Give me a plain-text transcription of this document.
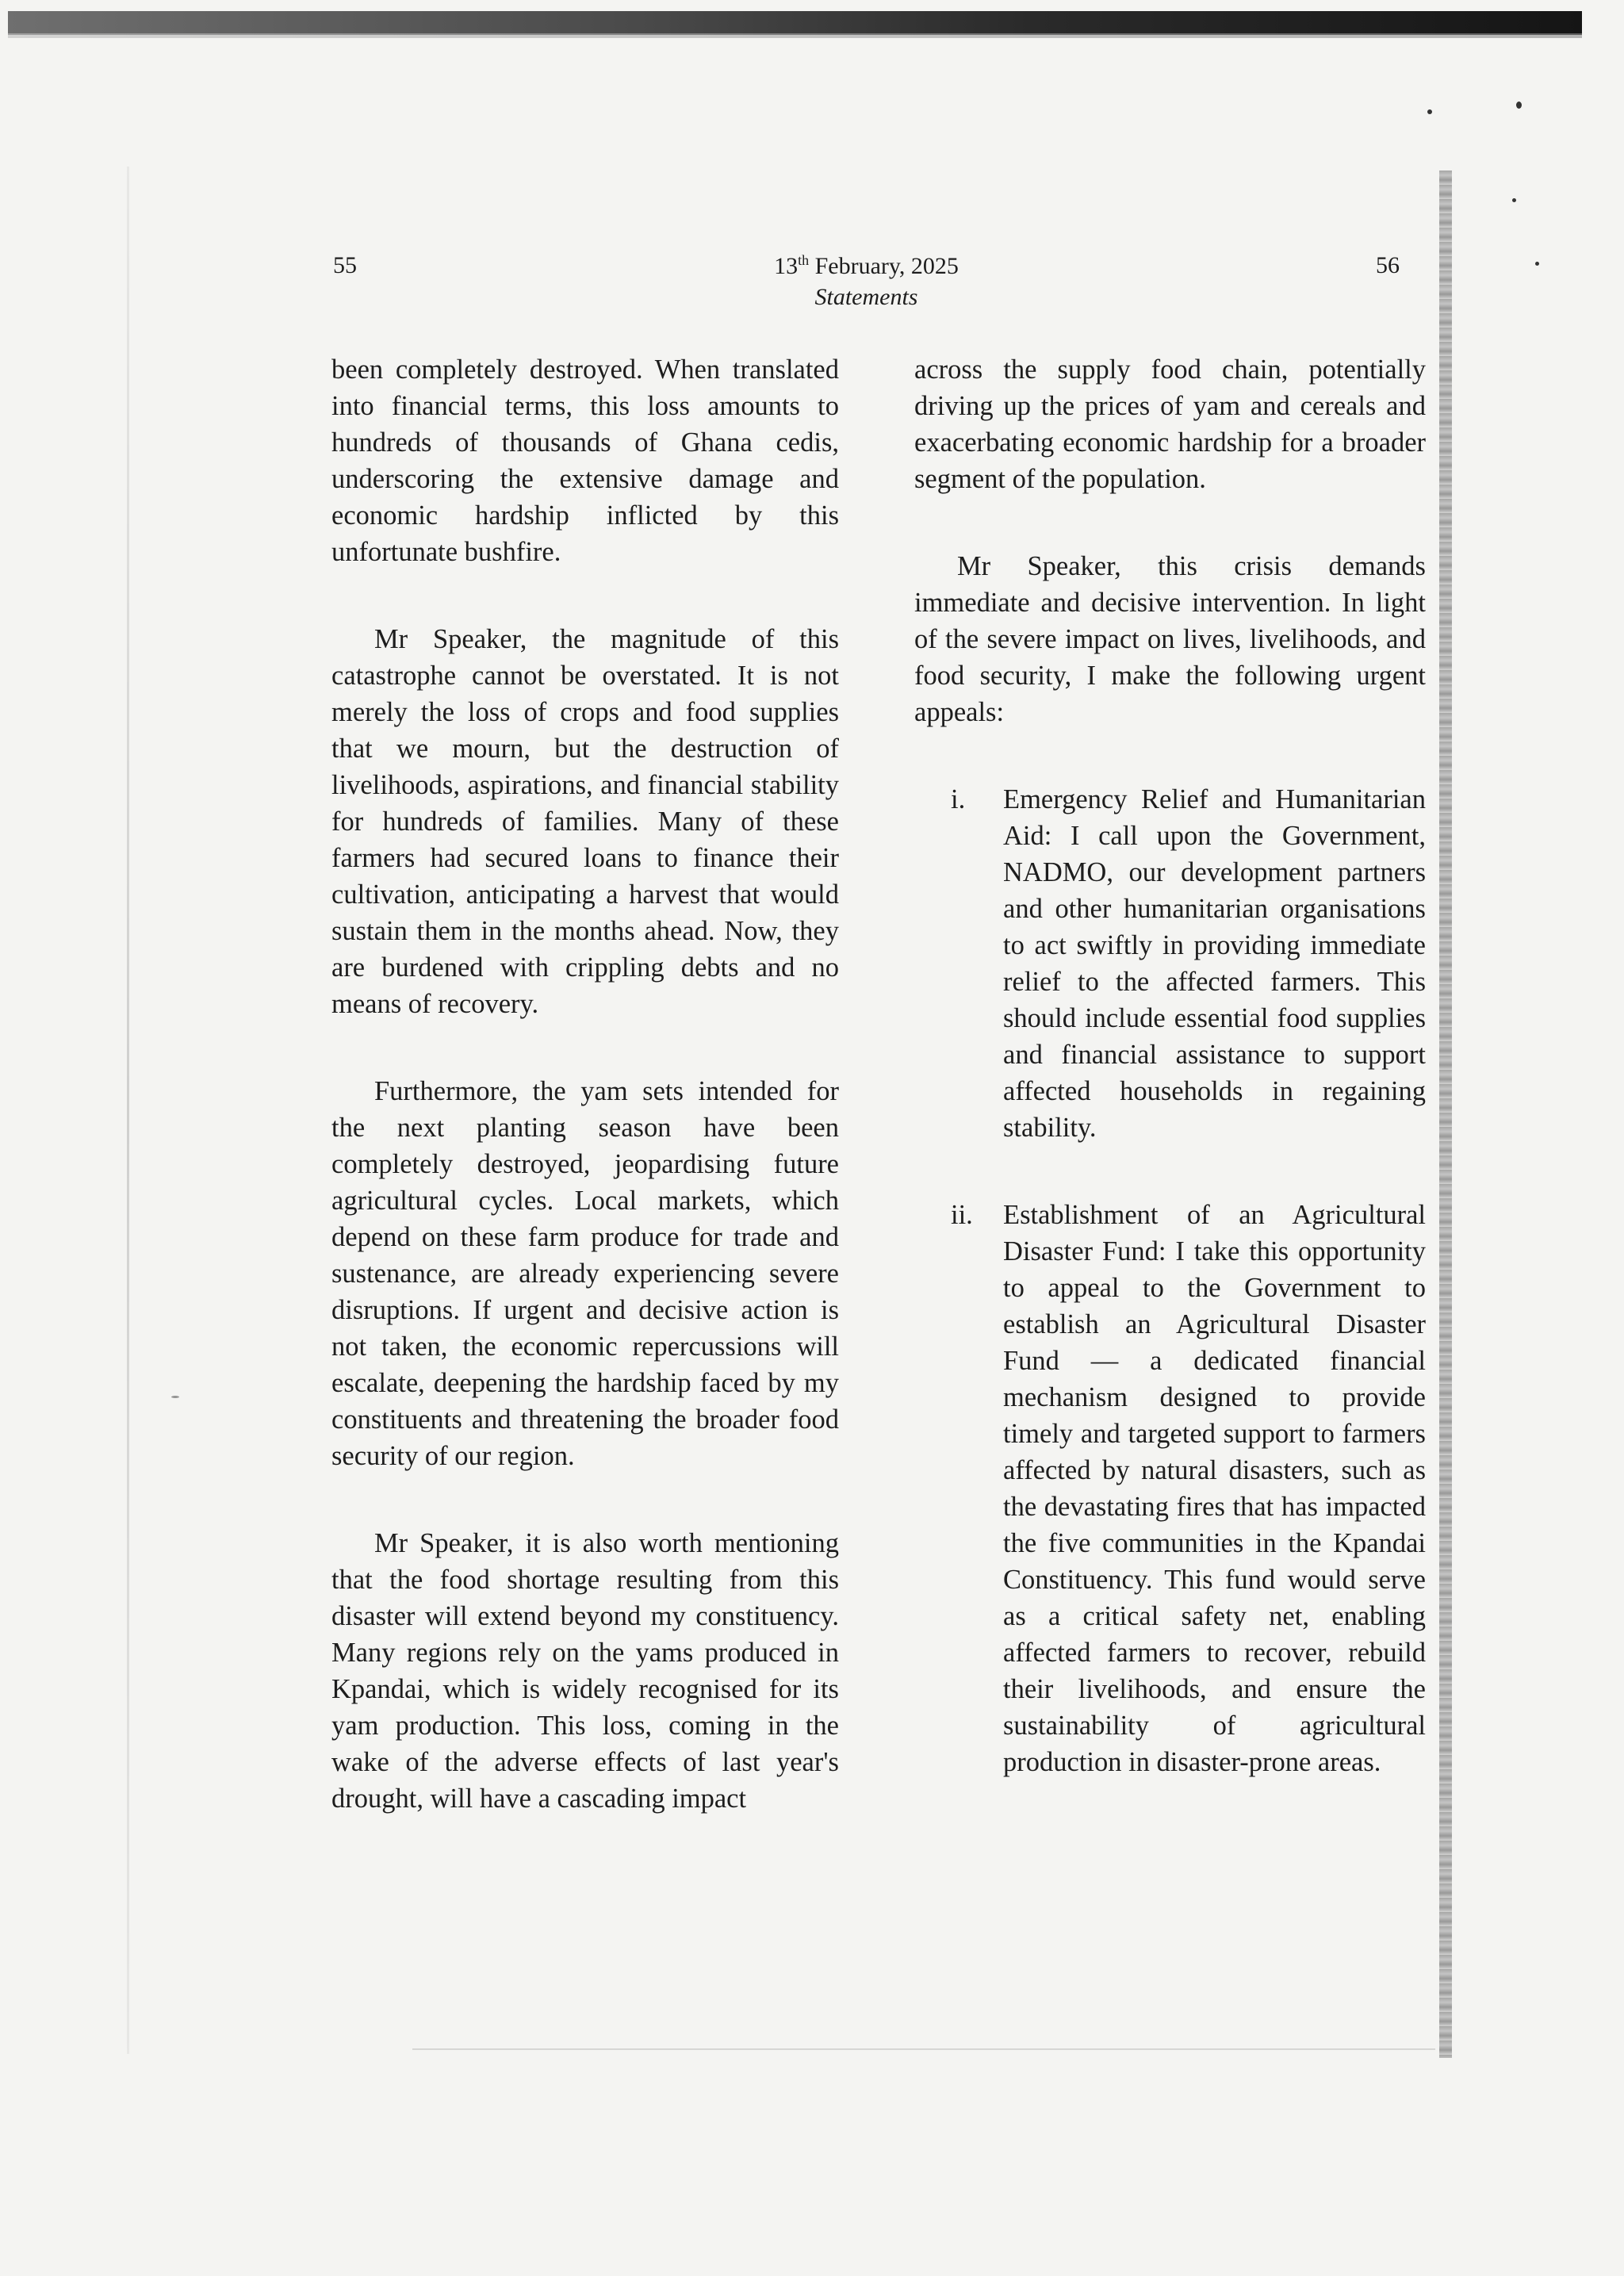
55	13th February, 2025
Statements
56

been completely destroyed. When translated into financial terms, this loss amounts to hundreds of thousands of Ghana cedis, underscoring the extensive damage and economic hardship inflicted by this unfortunate bushfire.

Mr Speaker, the magnitude of this catastrophe cannot be overstated. It is not merely the loss of crops and food supplies that we mourn, but the destruction of livelihoods, aspirations, and financial stability for hundreds of families. Many of these farmers had secured loans to finance their cultivation, anticipating a harvest that would sustain them in the months ahead. Now, they are burdened with crippling debts and no means of recovery.

Furthermore, the yam sets intended for the next planting season have been completely destroyed, jeopardising future agricultural cycles. Local markets, which depend on these farm produce for trade and sustenance, are already experiencing severe disruptions. If urgent and decisive action is not taken, the economic repercussions will escalate, deepening the hardship faced by my constituents and threatening the broader food security of our region.

Mr Speaker, it is also worth mentioning that the food shortage resulting from this disaster will extend beyond my constituency. Many regions rely on the yams produced in Kpandai, which is widely recognised for its yam production. This loss, coming in the wake of the adverse effects of last year's drought, will have a cascading impact

across the supply food chain, potentially driving up the prices of yam and cereals and exacerbating economic hardship for a broader segment of the population.

Mr Speaker, this crisis demands immediate and decisive intervention. In light of the severe impact on lives, livelihoods, and food security, I make the following urgent appeals:

i.	Emergency Relief and Humanitarian Aid: I call upon the Government, NADMO, our development partners and other humanitarian organisations to act swiftly in providing immediate relief to the affected farmers. This should include essential food supplies and financial assistance to support affected households in regaining stability.
ii.	Establishment of an Agricultural Disaster Fund: I take this opportunity to appeal to the Government to establish an Agricultural Disaster Fund — a dedicated financial mechanism designed to provide timely and targeted support to farmers affected by natural disasters, such as the devastating fires that has impacted the five communities in the Kpandai Constituency. This fund would serve as a critical safety net, enabling affected farmers to recover, rebuild their livelihoods, and ensure the sustainability of agricultural production in disaster-prone areas.
